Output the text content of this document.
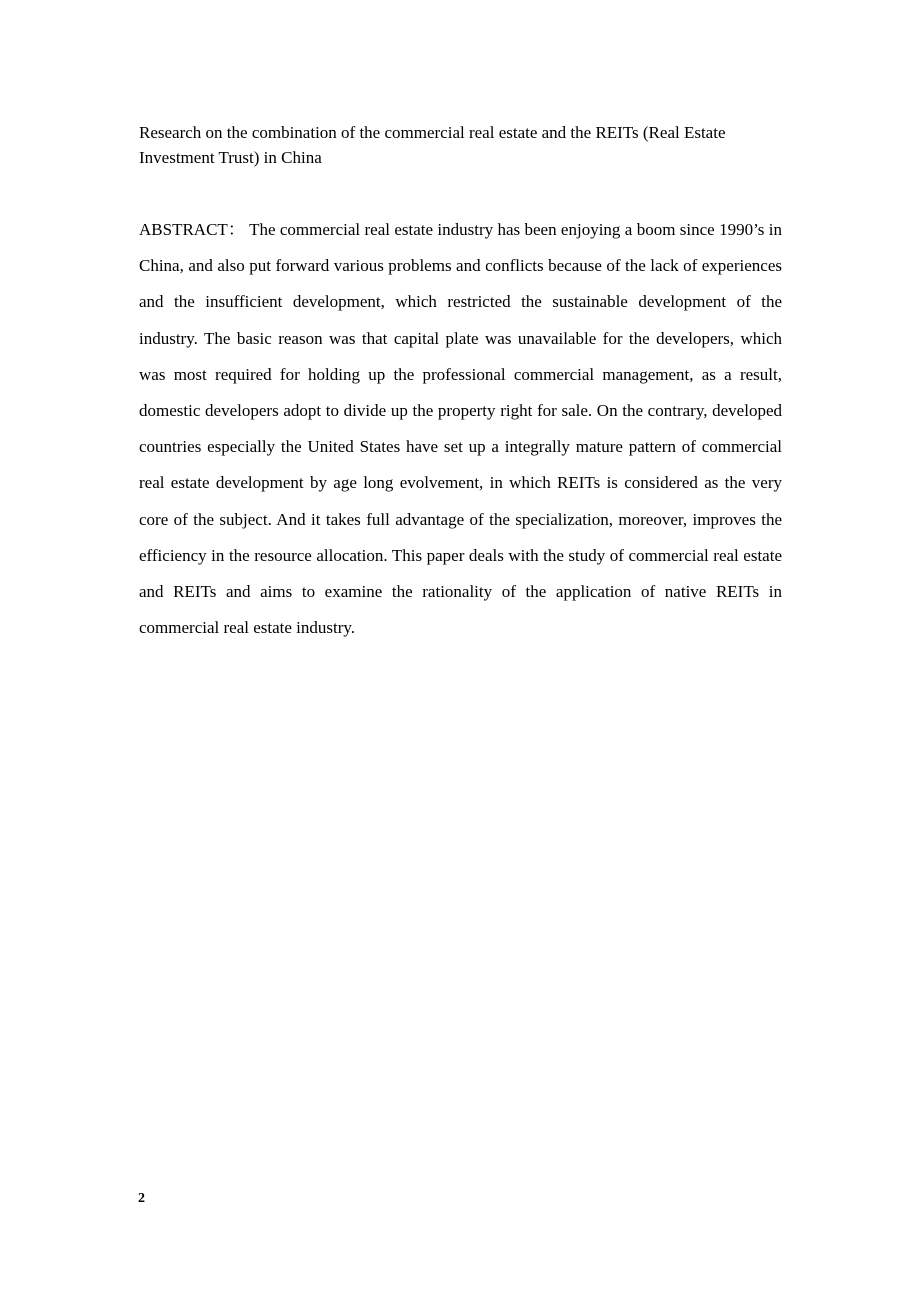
Research on the combination of the commercial real estate and the REITs (Real Estate Investment Trust) in China

ABSTRACT： The commercial real estate industry has been enjoying a boom since 1990’s in China, and also put forward various problems and conflicts because of the lack of experiences and the insufficient development, which restricted the sustainable development of the industry. The basic reason was that capital plate was unavailable for the developers, which was most required for holding up the professional commercial management, as a result, domestic developers adopt to divide up the property right for sale. On the contrary, developed countries especially the United States have set up a integrally mature pattern of commercial real estate development by age long evolvement, in which REITs is considered as the very core of the subject. And it takes full advantage of the specialization, moreover, improves the efficiency in the resource allocation. This paper deals with the study of commercial real estate and REITs and aims to examine the rationality of the application of native REITs in commercial real estate industry.

2
